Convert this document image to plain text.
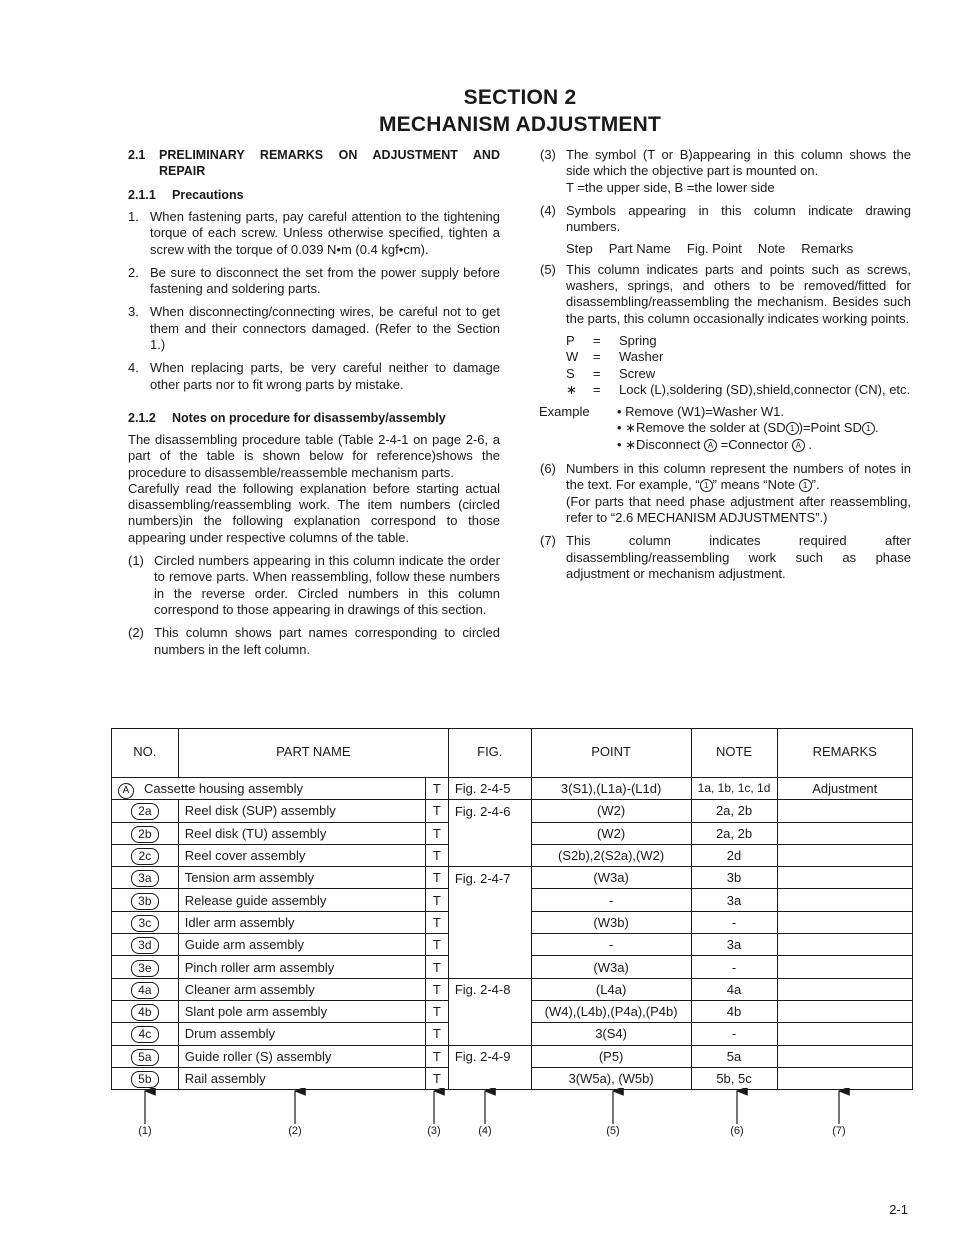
SECTION 2
MECHANISM ADJUSTMENT
2.1	PRELIMINARY REMARKS ON ADJUSTMENT AND REPAIR
2.1.1 Precautions
1. When fastening parts, pay careful attention to the tightening torque of each screw. Unless otherwise specified, tighten a screw with the torque of 0.039 N•m (0.4 kgf•cm).
2. Be sure to disconnect the set from the power supply before fastening and soldering parts.
3. When disconnecting/connecting wires, be careful not to get them and their connectors damaged. (Refer to the Section 1.)
4. When replacing parts, be very careful neither to damage other parts nor to fit wrong parts by mistake.
2.1.2 Notes on procedure for disassemby/assembly
The disassembling procedure table (Table 2-4-1 on page 2-6, a part of the table is shown below for reference)shows the procedure to disassemble/reassemble mechanism parts.
Carefully read the following explanation before starting actual disassembling/reassembling work. The item numbers (circled numbers)in the following explanation correspond to those appearing under respective columns of the table.
(1) Circled numbers appearing in this column indicate the order to remove parts. When reassembling, follow these numbers in the reverse order. Circled numbers in this column correspond to those appearing in drawings of this section.
(2) This column shows part names corresponding to circled numbers in the left column.
(3) The symbol (T or B)appearing in this column shows the side which the objective part is mounted on.
T =the upper side, B =the lower side
(4) Symbols appearing in this column indicate drawing numbers.
Step Part Name Fig. Point Note Remarks
(5) This column indicates parts and points such as screws, washers, springs, and others to be removed/fitted for disassembling/reassembling the mechanism. Besides such the parts, this column occasionally indicates working points.
P	=	Spring
W	=	Washer
S	=	Screw
∗	=	Lock (L),soldering (SD),shield,connector (CN), etc.
Example	• Remove (W1)=Washer W1.
• ∗Remove the solder at (SD 1 )=Point SD 1 .
• ∗Disconnect A =Connector A .
(6) Numbers in this column represent the numbers of notes in the text. For example, “ 1 ” means “Note 1 ”.
(For parts that need phase adjustment after reassembling, refer to “2.6 MECHANISM ADJUSTMENTS”.)
(7) This column indicates required after disassembling/reassembling work such as phase adjustment or mechanism adjustment.
NO.	PART NAME		FIG.	POINT	NOTE	REMARKS

A Cassette housing assembly		T	Fig. 2-4-5	3(S1),(L1a)-(L1d)	1a, 1b, 1c, 1d	Adjustment
2a	Reel disk (SUP) assembly	T	Fig. 2-4-6	(W2)	2a, 2b	
2b	Reel disk (TU) assembly	T		(W2)	2a, 2b	
2c	Reel cover assembly	T		(S2b),2(S2a),(W2)	2d	
3a	Tension arm assembly	T	Fig. 2-4-7	(W3a)	3b	
3b	Release guide assembly	T		-	3a	
3c	Idler arm assembly	T		(W3b)	-	
3d	Guide arm assembly	T		-	3a	
3e	Pinch roller arm assembly	T		(W3a)	-	
4a	Cleaner arm assembly	T	Fig. 2-4-8	(L4a)	4a	
4b	Slant pole arm assembly	T		(W4),(L4b),(P4a),(P4b)	4b	
4c	Drum assembly	T		3(S4)	-	
5a	Guide roller (S) assembly	T	Fig. 2-4-9	(P5)	5a	
5b	Rail assembly	T		3(W5a), (W5b)	5b, 5c	
(1)	(2)	(3)	(4)	(5)	(6)	(7)
2-1
